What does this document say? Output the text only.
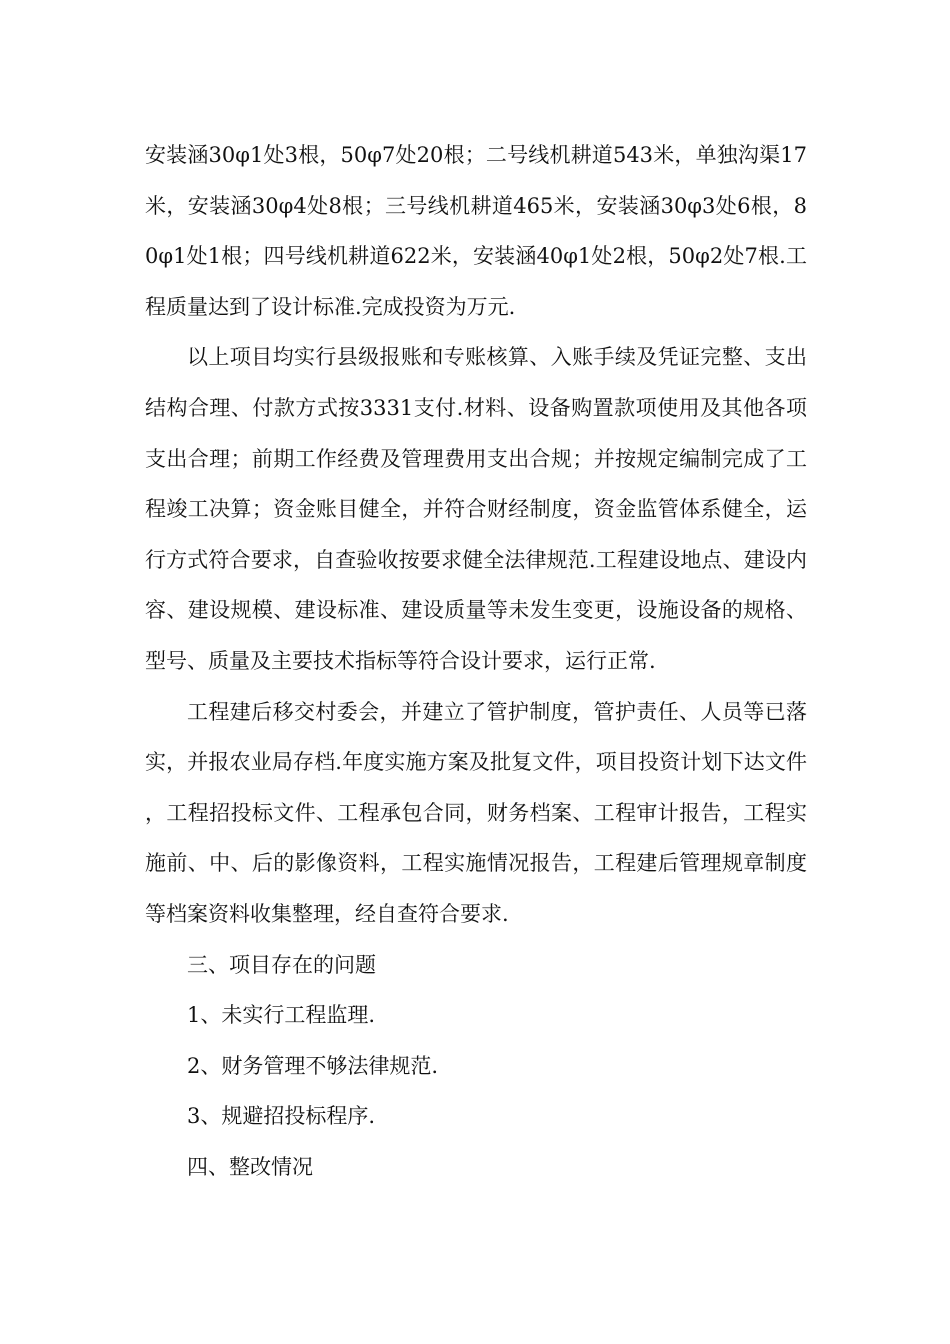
安装涵30φ1处3根，50φ7处20根；二号线机耕道543米，单独沟渠17米，安装涵30φ4处8根；三号线机耕道465米，安装涵30φ3处6根，80φ1处1根；四号线机耕道622米，安装涵40φ1处2根，50φ2处7根.工程质量达到了设计标准.完成投资为万元.

以上项目均实行县级报账和专账核算、入账手续及凭证完整、支出结构合理、付款方式按3331支付.材料、设备购置款项使用及其他各项支出合理；前期工作经费及管理费用支出合规；并按规定编制完成了工程竣工决算；资金账目健全，并符合财经制度，资金监管体系健全，运行方式符合要求，自查验收按要求健全法律规范.工程建设地点、建设内容、建设规模、建设标准、建设质量等未发生变更，设施设备的规格、型号、质量及主要技术指标等符合设计要求，运行正常.

工程建后移交村委会，并建立了管护制度，管护责任、人员等已落实，并报农业局存档.年度实施方案及批复文件，项目投资计划下达文件，工程招投标文件、工程承包合同，财务档案、工程审计报告，工程实施前、中、后的影像资料，工程实施情况报告，工程建后管理规章制度等档案资料收集整理，经自查符合要求.

三、项目存在的问题

1、未实行工程监理.

2、财务管理不够法律规范.

3、规避招投标程序.

四、整改情况
